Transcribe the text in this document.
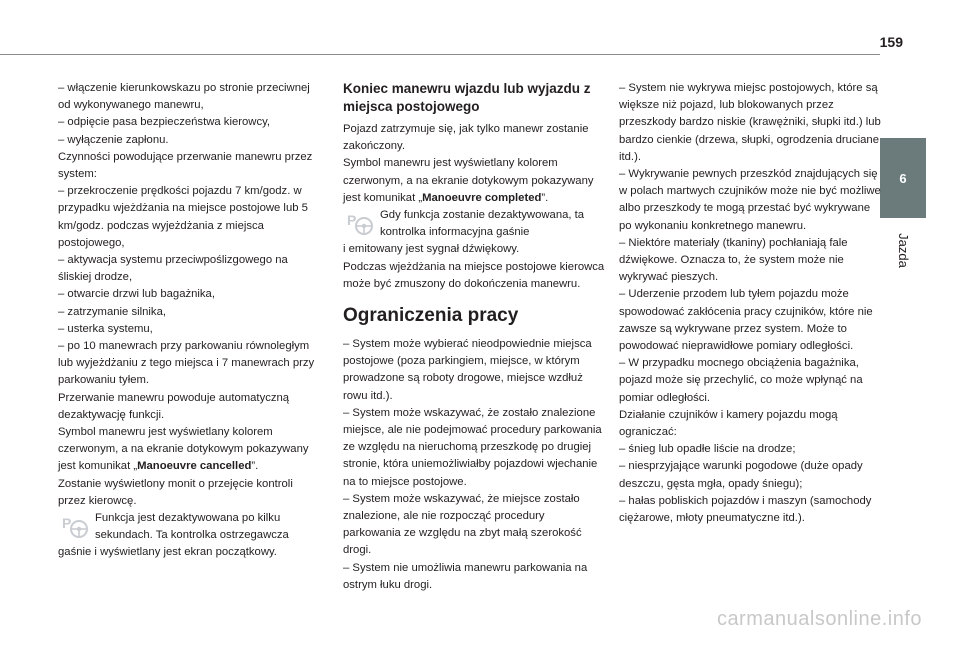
159
6
Jazda

– włączenie kierunkowskazu po stronie przeciwnej od wykonywanego manewru,

– odpięcie pasa bezpieczeństwa kierowcy,

– wyłączenie zapłonu.

Czynności powodujące przerwanie manewru przez system:

– przekroczenie prędkości pojazdu 7 km/godz. w przypadku wjeżdżania na miejsce postojowe lub 5 km/godz. podczas wyjeżdżania z miejsca postojowego,

– aktywacja systemu przeciwpoślizgowego na śliskiej drodze,

– otwarcie drzwi lub bagażnika,

– zatrzymanie silnika,

– usterka systemu,

– po 10 manewrach przy parkowaniu równoległym lub wyjeżdżaniu z tego miejsca i 7 manewrach przy parkowaniu tyłem.

Przerwanie manewru powoduje automatyczną dezaktywację funkcji.

Symbol manewru jest wyświetlany kolorem czerwonym, a na ekranie dotykowym pokazywany jest komunikat „Manoeuvre cancelled”.

Zostanie wyświetlony monit o przejęcie kontroli przez kierowcę.

P Funkcja jest dezaktywowana po kilku sekundach. Ta kontrolka ostrzegawcza

gaśnie i wyświetlany jest ekran początkowy.

Koniec manewru wjazdu lub wyjazdu z miejsca postojowego

Pojazd zatrzymuje się, jak tylko manewr zostanie zakończony.

Symbol manewru jest wyświetlany kolorem czerwonym, a na ekranie dotykowym pokazywany jest komunikat „Manoeuvre completed”.

P Gdy funkcja zostanie dezaktywowana, ta kontrolka informacyjna gaśnie

i emitowany jest sygnał dźwiękowy.

Podczas wjeżdżania na miejsce postojowe kierowca może być zmuszony do dokończenia manewru.

Ograniczenia pracy

– System może wybierać nieodpowiednie miejsca postojowe (poza parkingiem, miejsce, w którym prowadzone są roboty drogowe, miejsce wzdłuż rowu itd.).

– System może wskazywać, że zostało znalezione miejsce, ale nie podejmować procedury parkowania ze względu na nieruchomą przeszkodę po drugiej stronie, która uniemożliwiałby pojazdowi wjechanie na to miejsce postojowe.

– System może wskazywać, że miejsce zostało znalezione, ale nie rozpocząć procedury parkowania ze względu na zbyt małą szerokość drogi.

– System nie umożliwia manewru parkowania na ostrym łuku drogi.

– System nie wykrywa miejsc postojowych, które są większe niż pojazd, lub blokowanych przez przeszkody bardzo niskie (krawężniki, słupki itd.) lub bardzo cienkie (drzewa, słupki, ogrodzenia druciane itd.).

– Wykrywanie pewnych przeszkód znajdujących się w polach martwych czujników może nie być możliwe albo przeszkody te mogą przestać być wykrywane po wykonaniu konkretnego manewru.

– Niektóre materiały (tkaniny) pochłaniają fale dźwiękowe. Oznacza to, że system może nie wykrywać pieszych.

– Uderzenie przodem lub tyłem pojazdu może spowodować zakłócenia pracy czujników, które nie zawsze są wykrywane przez system. Może to powodować nieprawidłowe pomiary odległości.

– W przypadku mocnego obciążenia bagażnika, pojazd może się przechylić, co może wpłynąć na pomiar odległości.

Działanie czujników i kamery pojazdu mogą ograniczać:

– śnieg lub opadłe liście na drodze;

– niesprzyjające warunki pogodowe (duże opady deszczu, gęsta mgła, opady śniegu);

– hałas pobliskich pojazdów i maszyn (samochody ciężarowe, młoty pneumatyczne itd.).

carmanualsonline.info
